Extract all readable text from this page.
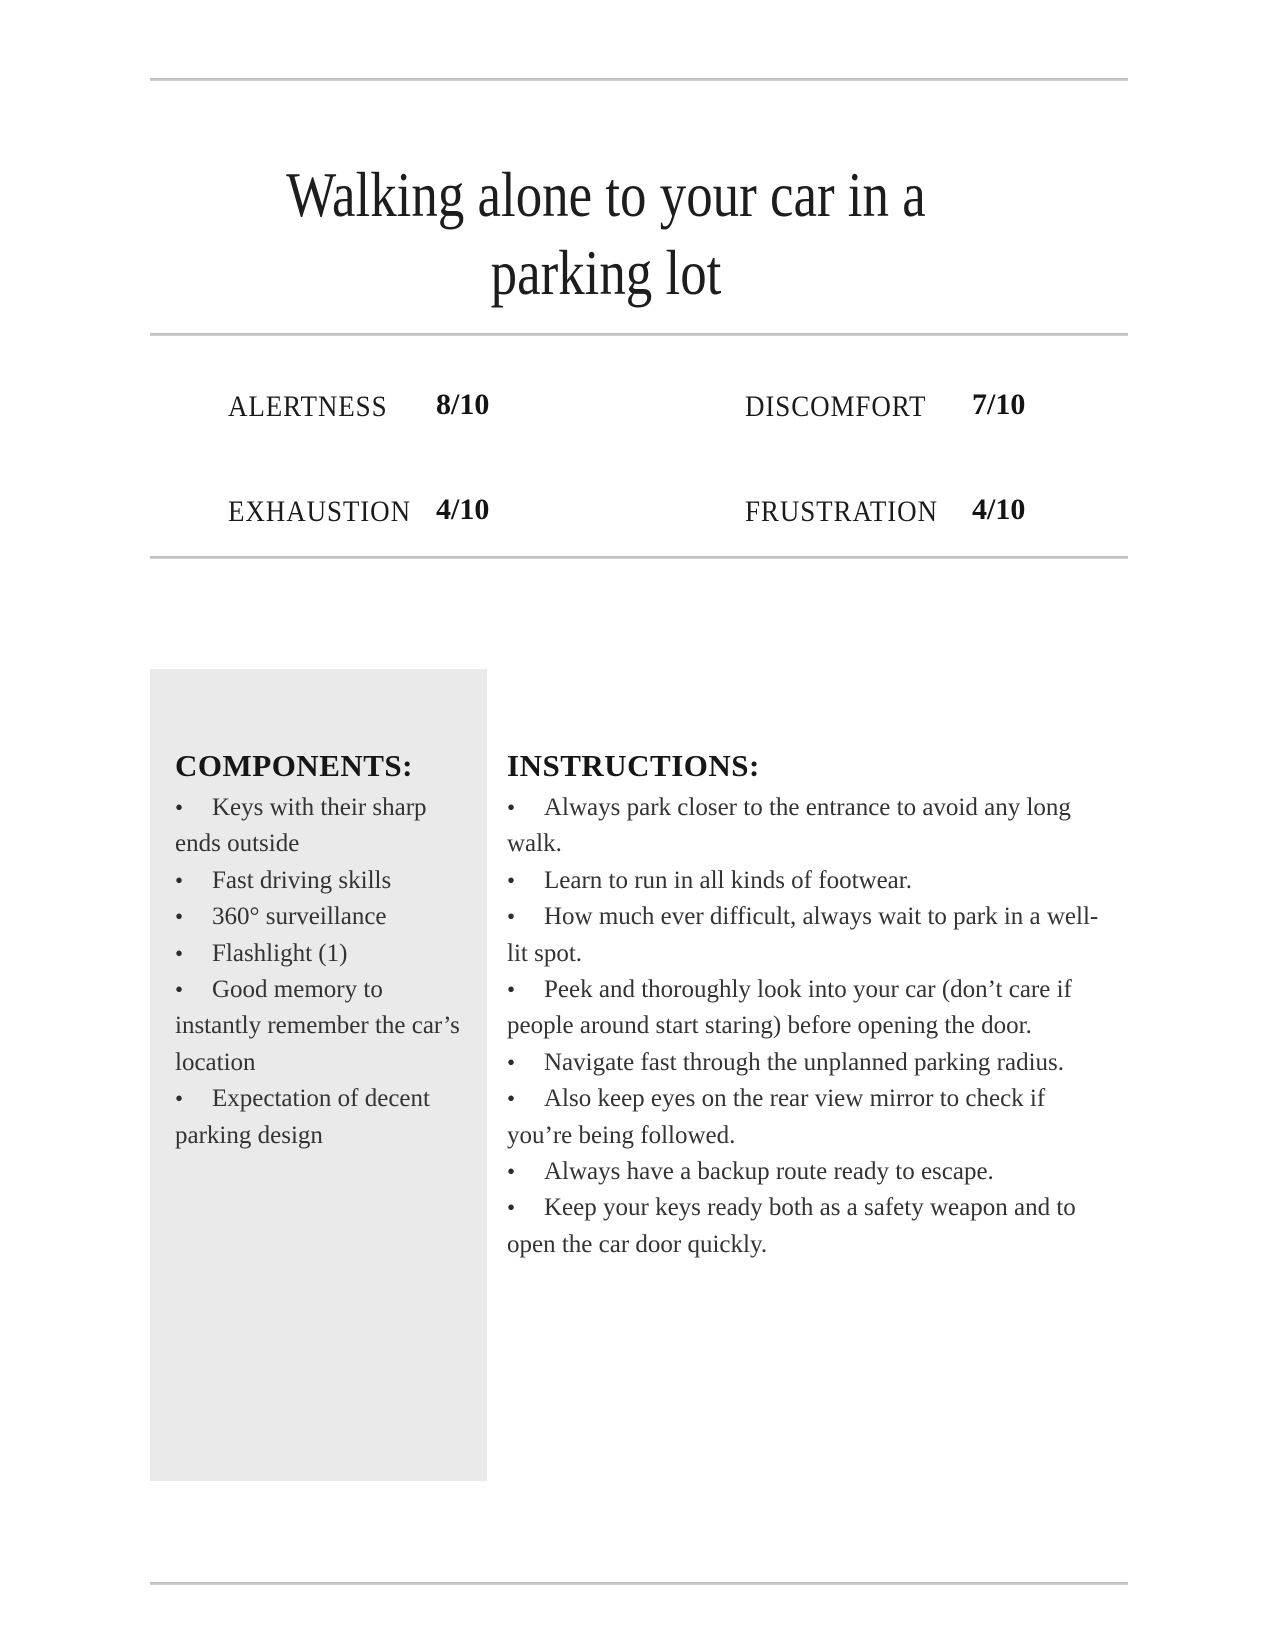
Walking alone to your car in a
parking lot
ALERTNESS 8/10	DISCOMFORT 7/10
EXHAUSTION 4/10	FRUSTRATION 4/10
COMPONENTS:
• Keys with their sharp ends outside
• Fast driving skills
• 360° surveillance
• Flashlight (1)
• Good memory to instantly remember the car’s location
• Expectation of decent parking design
INSTRUCTIONS:
• Always park closer to the entrance to avoid any long walk.
• Learn to run in all kinds of footwear.
• How much ever difficult, always wait to park in a well-lit spot.
• Peek and thoroughly look into your car (don’t care if people around start staring) before opening the door.
• Navigate fast through the unplanned parking radius.
• Also keep eyes on the rear view mirror to check if you’re being followed.
• Always have a backup route ready to escape.
• Keep your keys ready both as a safety weapon and to open the car door quickly.
